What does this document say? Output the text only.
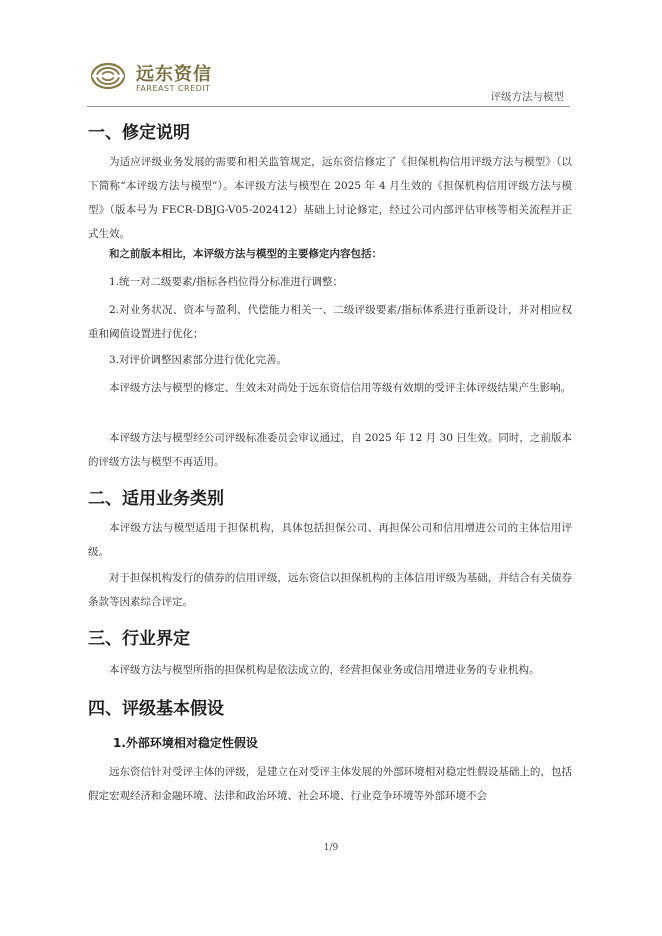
远东资信
FAREAST CREDIT
评级方法与模型
一、修定说明

为适应评级业务发展的需要和相关监管规定，远东资信修定了《担保机构信用评级方法与模型》（以下简称“本评级方法与模型”）。本评级方法与模型在 2025 年 4 月生效的《担保机构信用评级方法与模型》（版本号为 FECR-DBJG-V05-202412）基础上讨论修定，经过公司内部评估审核等相关流程并正式生效。

和之前版本相比，本评级方法与模型的主要修定内容包括：

1.统一对二级要素/指标各档位得分标准进行调整；

2.对业务状况、资本与盈利、代偿能力相关一、二级评级要素/指标体系进行重新设计，并对相应权重和阈值设置进行优化；

3.对评价调整因素部分进行优化完善。

本评级方法与模型的修定、生效未对尚处于远东资信信用等级有效期的受评主体评级结果产生影响。

本评级方法与模型经公司评级标准委员会审议通过，自 2025 年 12 月 30 日生效。同时，之前版本的评级方法与模型不再适用。

二、适用业务类别

本评级方法与模型适用于担保机构，具体包括担保公司、再担保公司和信用增进公司的主体信用评级。

对于担保机构发行的债券的信用评级，远东资信以担保机构的主体信用评级为基础，并结合有关债券条款等因素综合评定。

三、行业界定

本评级方法与模型所指的担保机构是依法成立的，经营担保业务或信用增进业务的专业机构。

四、评级基本假设
1.外部环境相对稳定性假设

远东资信针对受评主体的评级，是建立在对受评主体发展的外部环境相对稳定性假设基础上的，包括假定宏观经济和金融环境、法律和政治环境、社会环境、行业竞争环境等外部环境不会

1/9
